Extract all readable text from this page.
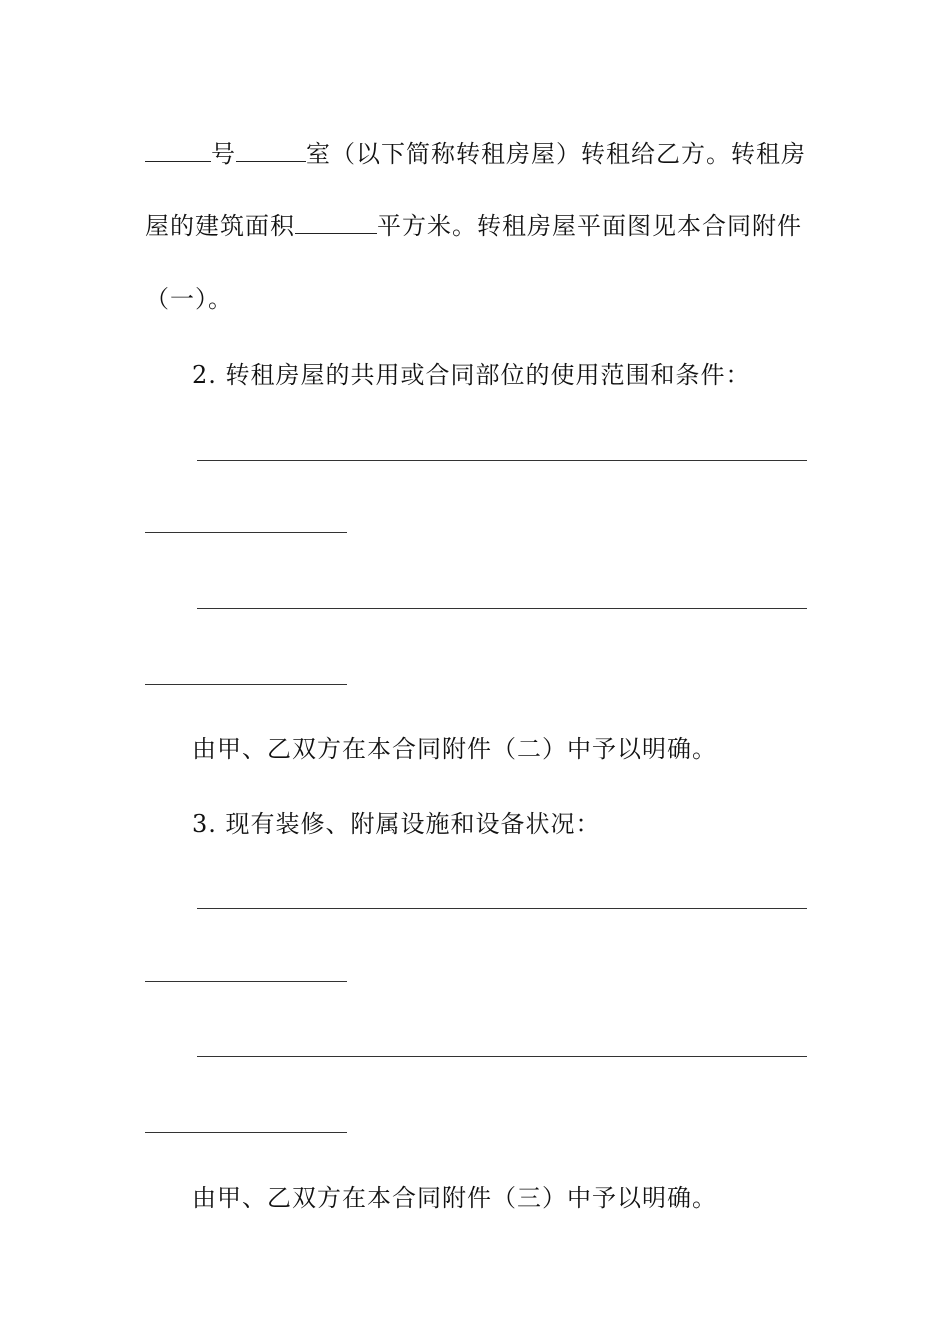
号	室（以下简称转租房屋）转租给乙方。转租房
屋的建筑面积	平方米。转租房屋平面图见本合同附件
（一）。
2. 转租房屋的共用或合同部位的使用范围和条件：
由甲、乙双方在本合同附件（二）中予以明确。
3. 现有装修、附属设施和设备状况：
由甲、乙双方在本合同附件（三）中予以明确。
